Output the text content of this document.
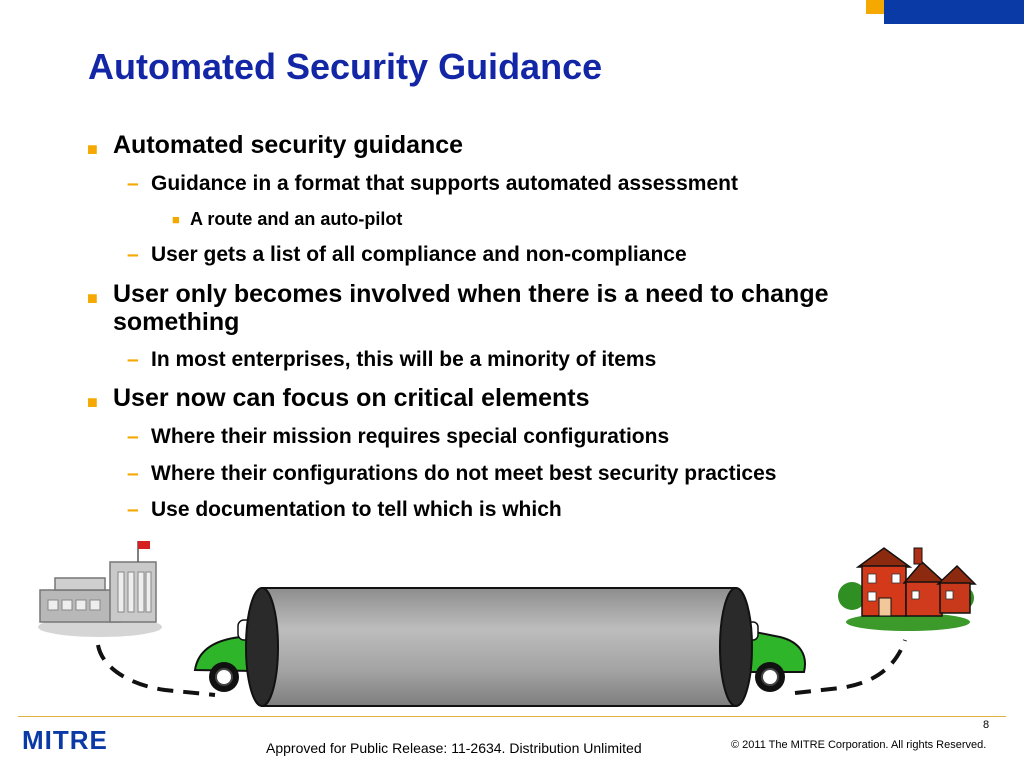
Automated Security Guidance
■ Automated security guidance
– Guidance in a format that supports automated assessment
■ A route and an auto-pilot
– User gets a list of all compliance and non-compliance
■ User only becomes involved when there is a need to change
something
– In most enterprises, this will be a minority of items
■ User now can focus on critical elements
– Where their mission requires special configurations
– Where their configurations do not meet best security practices
– Use documentation to tell which is which
MITRE	8
Approved for Public Release: 11-2634. Distribution Unlimited	© 2011 The MITRE Corporation. All rights Reserved.
